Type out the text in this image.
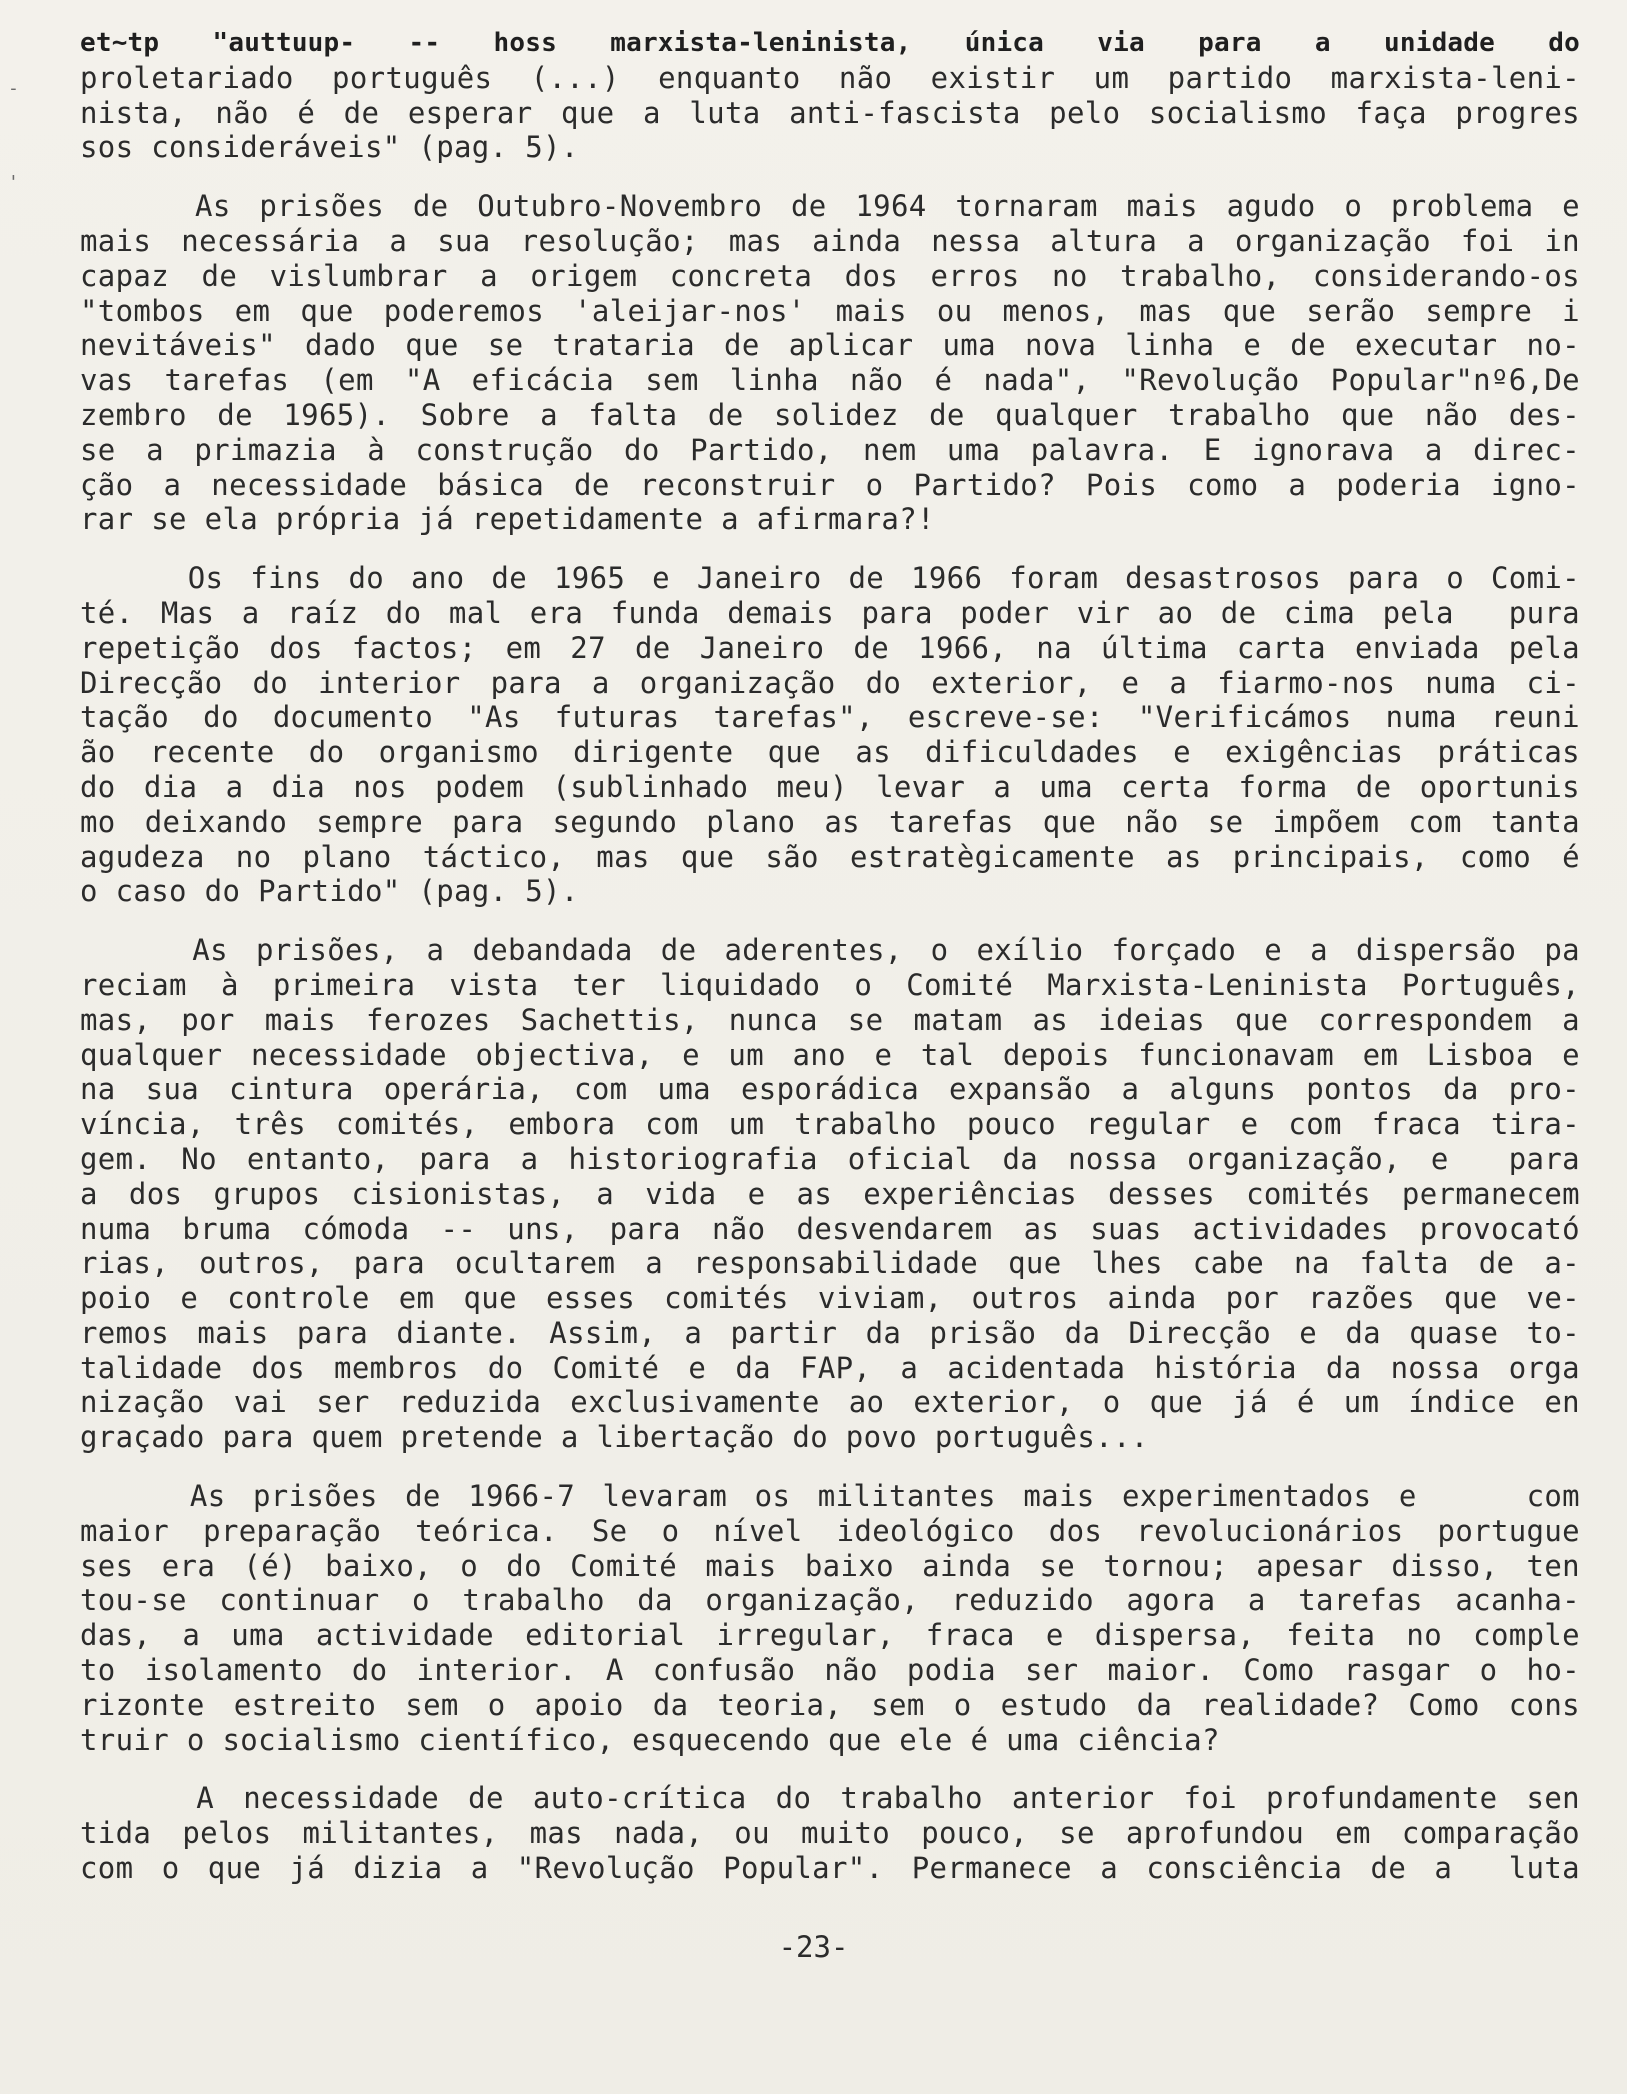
-
'
et~tp "auttuup- -- hoss marxista-leninista, única via para a unidade do
proletariado português (...) enquanto não existir um partido marxista-leni-
nista, não é de esperar que a luta anti-fascista pelo socialismo faça progres
sos consideráveis" (pag. 5).
As prisões de Outubro-Novembro de 1964 tornaram mais agudo o problema e
mais necessária a sua resolução; mas ainda nessa altura a organização foi in
capaz de vislumbrar a origem concreta dos erros no trabalho, considerando-os
"tombos em que poderemos 'aleijar-nos' mais ou menos, mas que serão sempre i
nevitáveis" dado que se trataria de aplicar uma nova linha e de executar no-
vas tarefas (em "A eficácia sem linha não é nada", "Revolução Popular"nº6,De
zembro de 1965). Sobre a falta de solidez de qualquer trabalho que não des-
se a primazia à construção do Partido, nem uma palavra. E ignorava a direc-
ção a necessidade básica de reconstruir o Partido? Pois como a poderia igno-
rar se ela própria já repetidamente a afirmara?!
Os fins do ano de 1965 e Janeiro de 1966 foram desastrosos para o Comi-
té. Mas a raíz do mal era funda demais para poder vir ao de cima pela  pura
repetição dos factos; em 27 de Janeiro de 1966, na última carta enviada pela
Direcção do interior para a organização do exterior, e a fiarmo-nos numa ci-
tação do documento "As futuras tarefas", escreve-se: "Verificámos numa reuni
ão recente do organismo dirigente que as dificuldades e exigências práticas
do dia a dia nos podem (sublinhado meu) levar a uma certa forma de oportunis
mo deixando sempre para segundo plano as tarefas que não se impõem com tanta
agudeza no plano táctico, mas que são estratègicamente as principais, como é
o caso do Partido" (pag. 5).
As prisões, a debandada de aderentes, o exílio forçado e a dispersão pa
reciam à primeira vista ter liquidado o Comité Marxista-Leninista Português,
mas, por mais ferozes Sachettis, nunca se matam as ideias que correspondem a
qualquer necessidade objectiva, e um ano e tal depois funcionavam em Lisboa e
na sua cintura operária, com uma esporádica expansão a alguns pontos da pro-
víncia, três comités, embora com um trabalho pouco regular e com fraca tira-
gem. No entanto, para a historiografia oficial da nossa organização, e  para
a dos grupos cisionistas, a vida e as experiências desses comités permanecem
numa bruma cómoda -- uns, para não desvendarem as suas actividades provocató
rias, outros, para ocultarem a responsabilidade que lhes cabe na falta de a-
poio e controle em que esses comités viviam, outros ainda por razões que ve-
remos mais para diante. Assim, a partir da prisão da Direcção e da quase to-
talidade dos membros do Comité e da FAP, a acidentada história da nossa orga
nização vai ser reduzida exclusivamente ao exterior, o que já é um índice en
graçado para quem pretende a libertação do povo português...
As prisões de 1966-7 levaram os militantes mais experimentados e    com
maior preparação teórica. Se o nível ideológico dos revolucionários portugue
ses era (é) baixo, o do Comité mais baixo ainda se tornou; apesar disso, ten
tou-se continuar o trabalho da organização, reduzido agora a tarefas acanha-
das, a uma actividade editorial irregular, fraca e dispersa, feita no comple
to isolamento do interior. A confusão não podia ser maior. Como rasgar o ho-
rizonte estreito sem o apoio da teoria, sem o estudo da realidade? Como cons
truir o socialismo científico, esquecendo que ele é uma ciência?
A necessidade de auto-crítica do trabalho anterior foi profundamente sen
tida pelos militantes, mas nada, ou muito pouco, se aprofundou em comparação
com o que já dizia a "Revolução Popular". Permanece a consciência de a  luta
-23-
